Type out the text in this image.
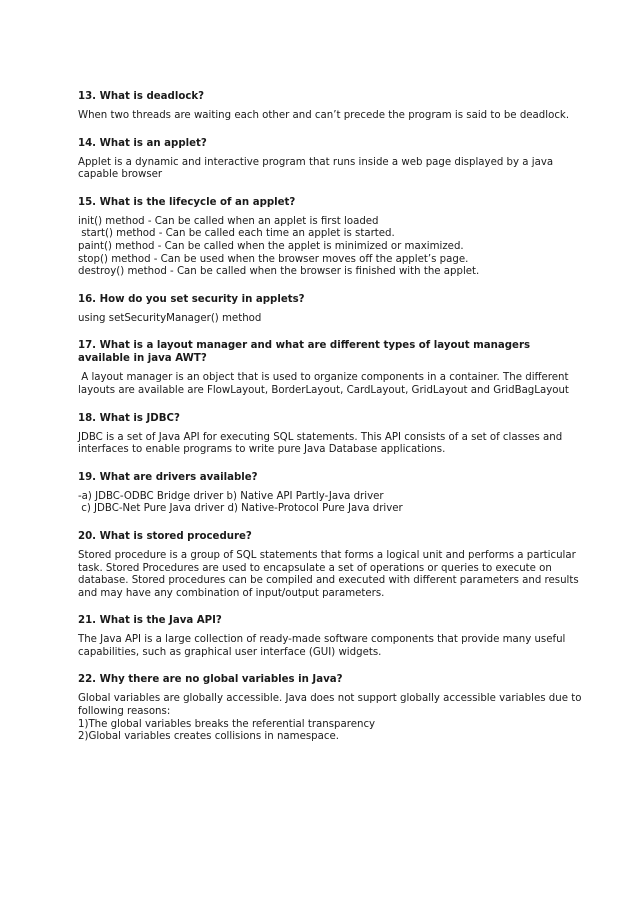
13. What is deadlock?
When two threads are waiting each other and can’t precede the program is said to be deadlock.
14. What is an applet?
Applet is a dynamic and interactive program that runs inside a web page displayed by a java
capable browser
15. What is the lifecycle of an applet?
init() method - Can be called when an applet is first loaded
start() method - Can be called each time an applet is started.
paint() method - Can be called when the applet is minimized or maximized.
stop() method - Can be used when the browser moves off the applet’s page.
destroy() method - Can be called when the browser is finished with the applet.
16. How do you set security in applets?
using setSecurityManager() method
17. What is a layout manager and what are different types of layout managers available in java AWT?
A layout manager is an object that is used to organize components in a container. The different
layouts are available are FlowLayout, BorderLayout, CardLayout, GridLayout and GridBagLayout
18. What is JDBC?
JDBC is a set of Java API for executing SQL statements. This API consists of a set of classes and
interfaces to enable programs to write pure Java Database applications.
19. What are drivers available?
-a) JDBC-ODBC Bridge driver b) Native API Partly-Java driver
c) JDBC-Net Pure Java driver d) Native-Protocol Pure Java driver
20. What is stored procedure?
Stored procedure is a group of SQL statements that forms a logical unit and performs a particular
task. Stored Procedures are used to encapsulate a set of operations or queries to execute on
database. Stored procedures can be compiled and executed with different parameters and results
and may have any combination of input/output parameters.
21. What is the Java API?
The Java API is a large collection of ready-made software components that provide many useful
capabilities, such as graphical user interface (GUI) widgets.
22. Why there are no global variables in Java?
Global variables are globally accessible. Java does not support globally accessible variables due to
following reasons:
1)The global variables breaks the referential transparency
2)Global variables creates collisions in namespace.
